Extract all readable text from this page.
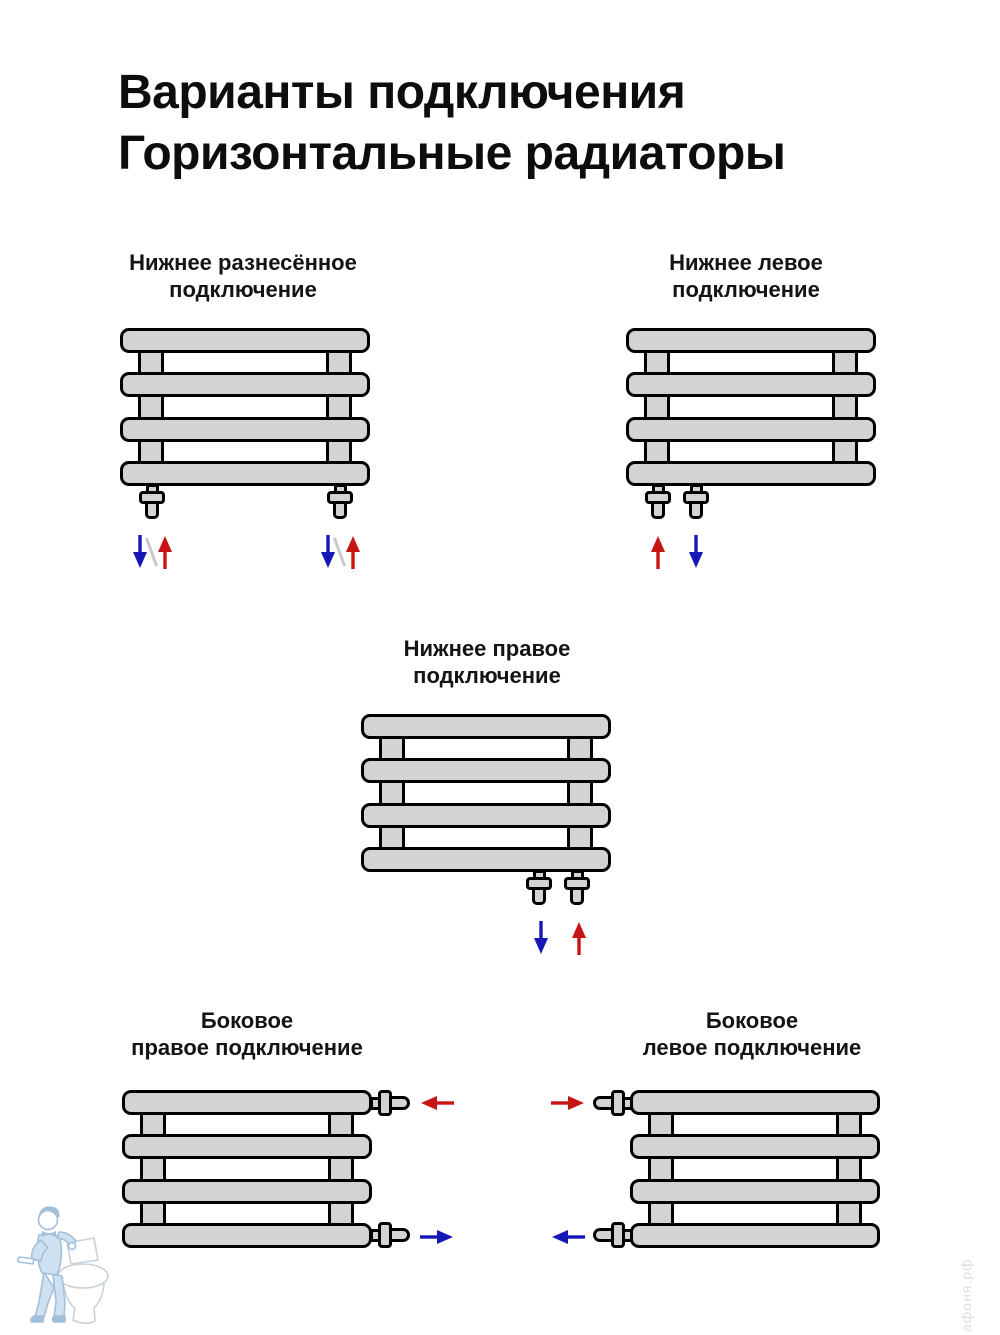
Варианты подключения
Горизонтальные радиаторы
Нижнее разнесённое
подключение
Нижнее левое
подключение
Нижнее правое
подключение
Боковое
правое подключение
Боковое
левое подключение
афоня.рф
